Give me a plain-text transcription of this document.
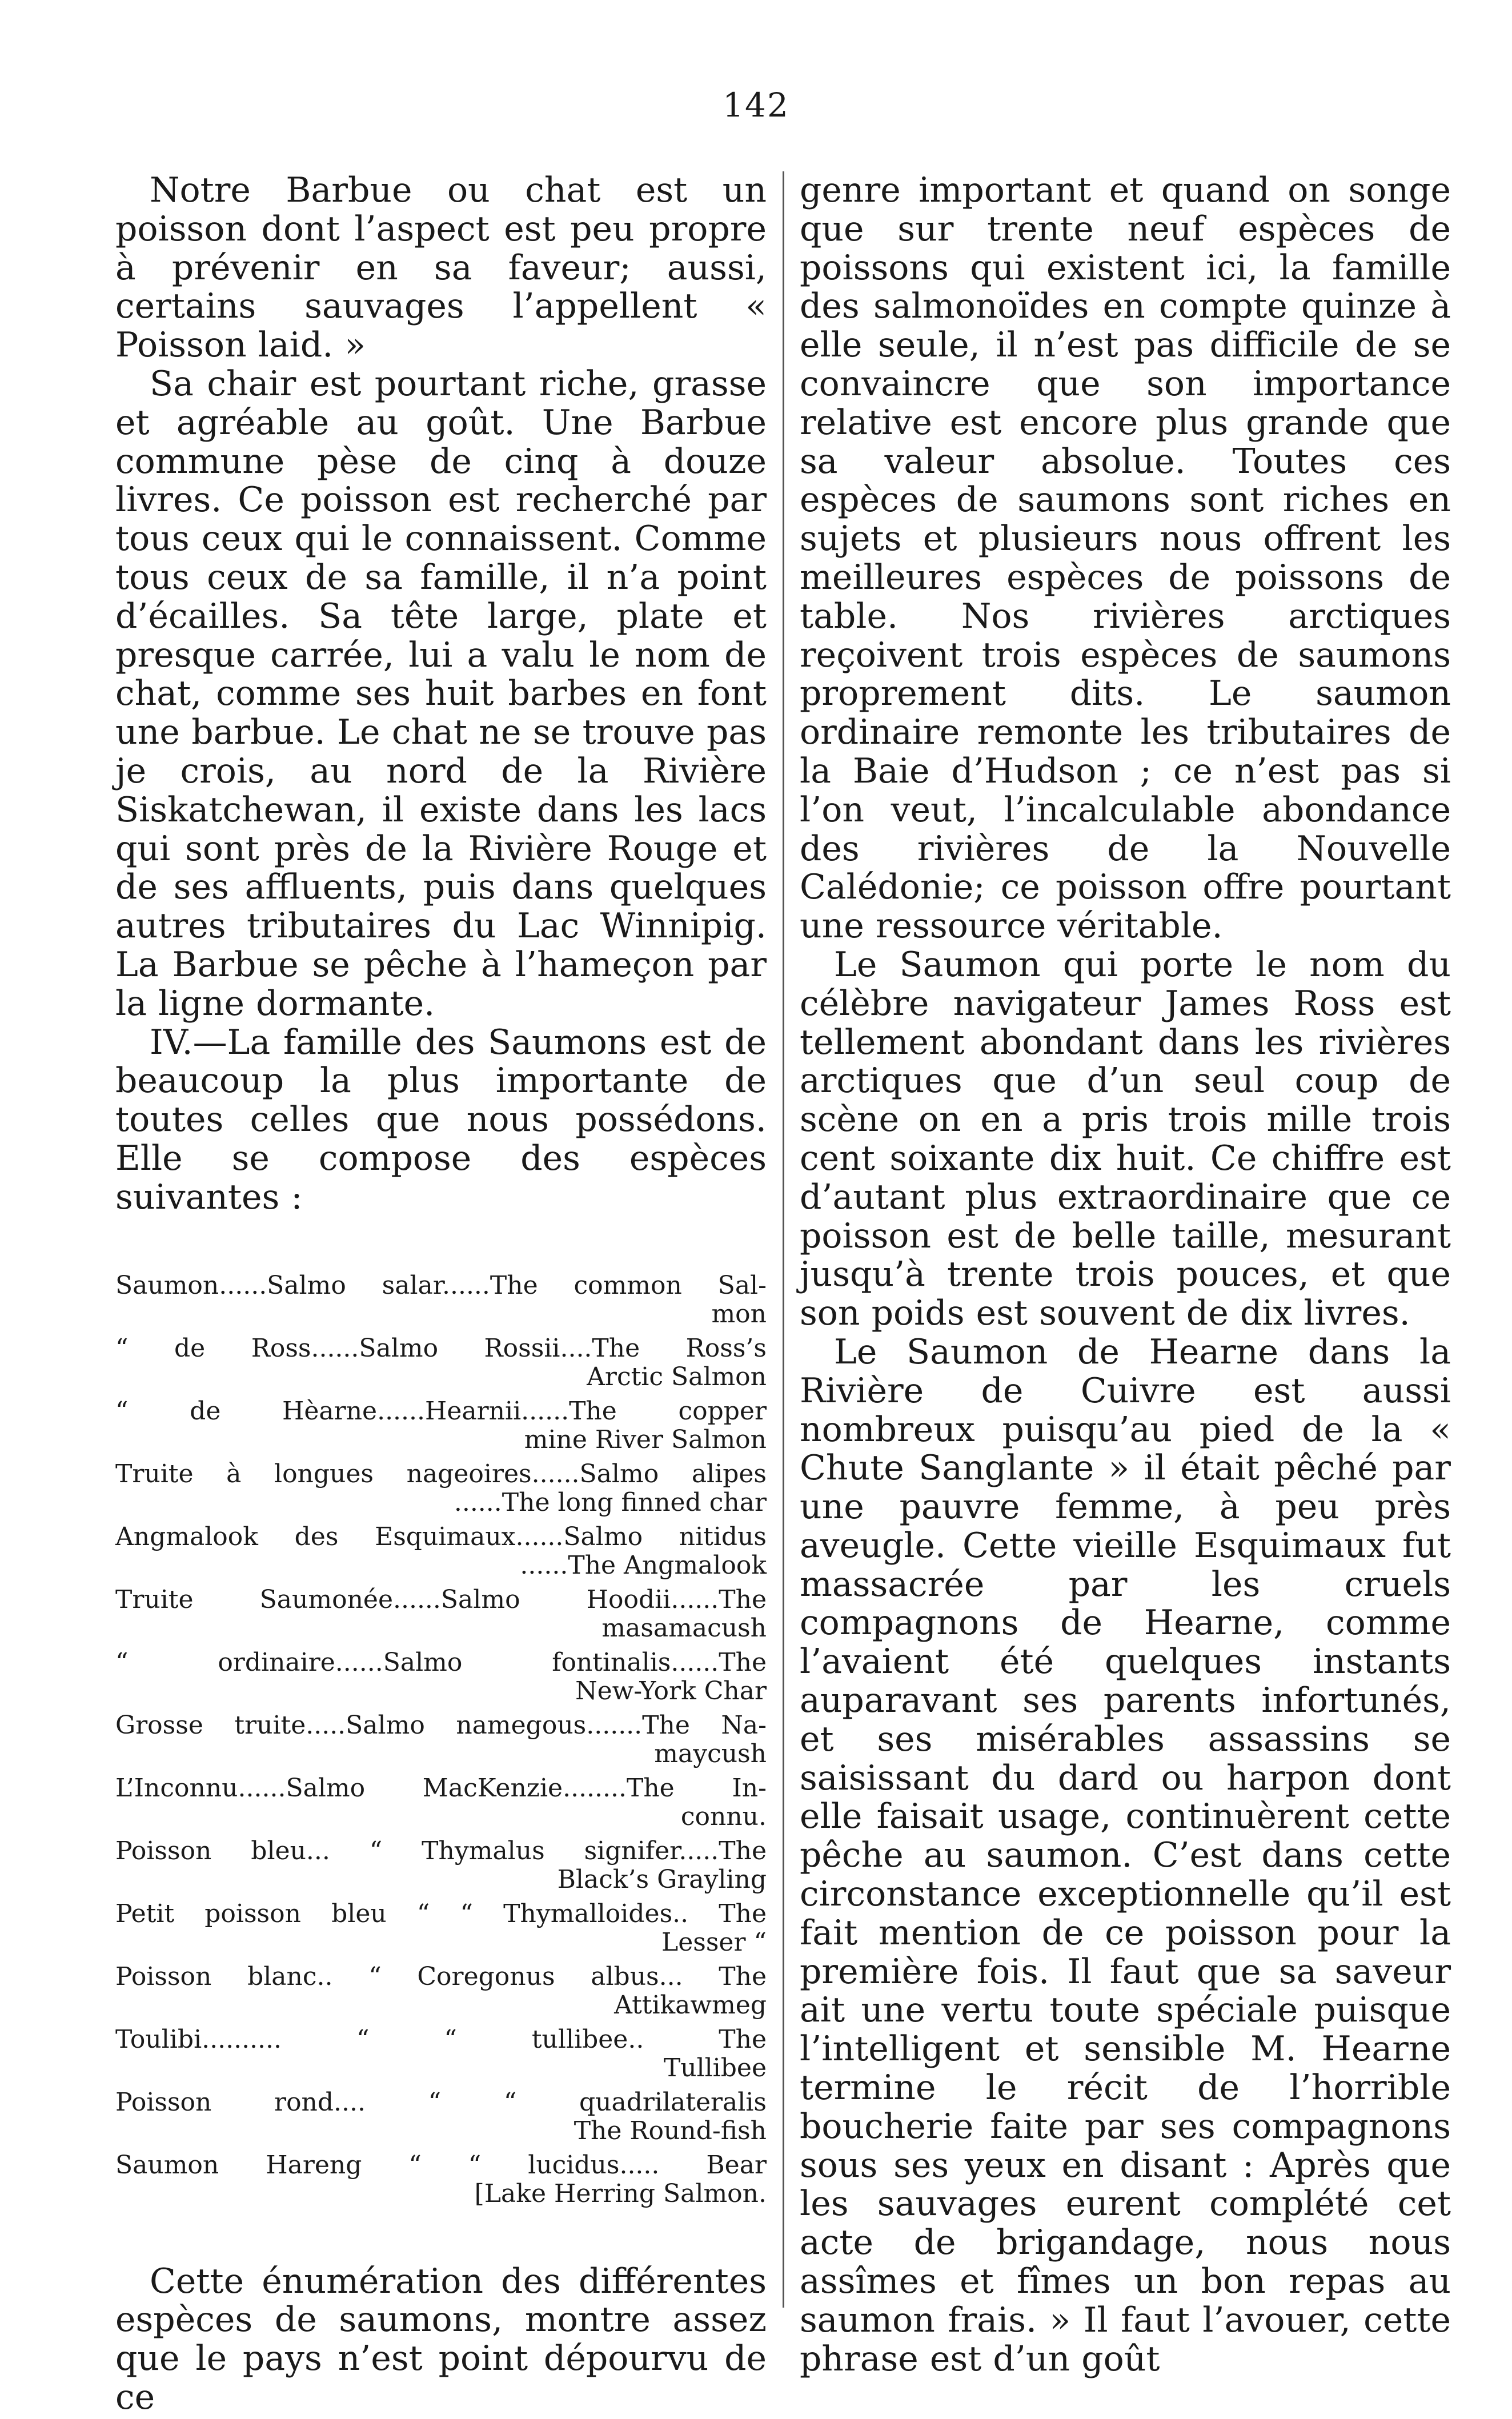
142

Notre Barbue ou chat est un poisson dont l’aspect est peu propre à prévenir en sa faveur; aussi, certains sauvages l’appellent « Poisson laid. »

Sa chair est pourtant riche, grasse et agréable au goût. Une Barbue commune pèse de cinq à douze livres. Ce poisson est recherché par tous ceux qui le connaissent. Comme tous ceux de sa famille, il n’a point d’écailles. Sa tête large, plate et presque carrée, lui a valu le nom de chat, comme ses huit barbes en font une barbue. Le chat ne se trouve pas je crois, au nord de la Rivière Siskatchewan, il existe dans les lacs qui sont près de la Rivière Rouge et de ses affluents, puis dans quelques autres tributaires du Lac Winnipig. La Barbue se pêche à l’hameçon par la ligne dormante.

IV.—La famille des Saumons est de beaucoup la plus importante de toutes celles que nous possédons. Elle se compose des espèces suivantes :

Saumon......Salmo salar......The common Sal-
mon
“ de Ross......Salmo Rossii....The Ross’s
Arctic Salmon
“ de Hèarne......Hearnii......The copper
mine River Salmon
Truite à longues nageoires......Salmo alipes
......The long finned char
Angmalook des Esquimaux......Salmo nitidus
......The Angmalook
Truite Saumonée......Salmo Hoodii......The
masamacush
“ ordinaire......Salmo fontinalis......The
New-York Char
Grosse truite.....Salmo namegous.......The Na-
maycush
L’Inconnu......Salmo MacKenzie........The In-
connu.
Poisson bleu... “ Thymalus signifer.....The
Black’s Grayling
Petit poisson bleu “ “ Thymalloides.. The
Lesser “
Poisson blanc.. “ Coregonus albus... The
Attikawmeg
Toulibi.......... “ “ tullibee.. The
Tullibee
Poisson rond.... “ “ quadrilateralis
The Round-fish
Saumon Hareng “ “ lucidus..... Bear
[Lake Herring Salmon.

Cette énumération des différentes espèces de saumons, montre assez que le pays n’est point dépourvu de ce

genre important et quand on songe que sur trente neuf espèces de poissons qui existent ici, la famille des salmonoïdes en compte quinze à elle seule, il n’est pas difficile de se convaincre que son importance relative est encore plus grande que sa valeur absolue. Toutes ces espèces de saumons sont riches en sujets et plusieurs nous offrent les meilleures espèces de poissons de table. Nos rivières arctiques reçoivent trois espèces de saumons proprement dits. Le saumon ordinaire remonte les tributaires de la Baie d’Hudson ; ce n’est pas si l’on veut, l’incalculable abondance des rivières de la Nouvelle Calédonie; ce poisson offre pourtant une ressource véritable.

Le Saumon qui porte le nom du célèbre navigateur James Ross est tellement abondant dans les rivières arctiques que d’un seul coup de scène on en a pris trois mille trois cent soixante dix huit. Ce chiffre est d’autant plus extraordinaire que ce poisson est de belle taille, mesurant jusqu’à trente trois pouces, et que son poids est souvent de dix livres.

Le Saumon de Hearne dans la Rivière de Cuivre est aussi nombreux puisqu’au pied de la « Chute Sanglante » il était pêché par une pauvre femme, à peu près aveugle. Cette vieille Esquimaux fut massacrée par les cruels compagnons de Hearne, comme l’avaient été quelques instants auparavant ses parents infortunés, et ses misérables assassins se saisissant du dard ou harpon dont elle faisait usage, continuèrent cette pêche au saumon. C’est dans cette circonstance exceptionnelle qu’il est fait mention de ce poisson pour la première fois. Il faut que sa saveur ait une vertu toute spéciale puisque l’intelligent et sensible M. Hearne termine le récit de l’horrible boucherie faite par ses compagnons sous ses yeux en disant : Après que les sauvages eurent complété cet acte de brigandage, nous nous assîmes et fîmes un bon repas au saumon frais. » Il faut l’avouer, cette phrase est d’un goût
